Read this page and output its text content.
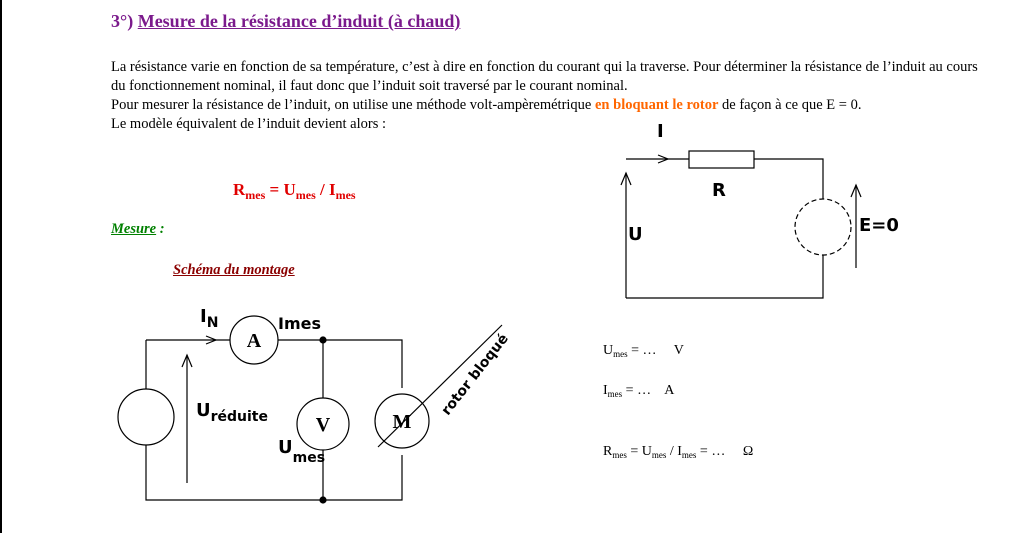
3°) Mesure de la résistance d’induit (à chaud)

La résistance varie en fonction de sa température, c’est à dire en fonction du courant qui la traverse. Pour déterminer la résistance de l’induit au cours du fonctionnement nominal, il faut donc que l’induit soit traversé par le courant nominal.

Pour mesurer la résistance de l’induit, on utilise une méthode volt-ampèremétrique en bloquant le rotor de façon à ce que E = 0.

Le modèle équivalent de l’induit devient alors :

$R_{mes} = U_{mes} / I_{mes}$
Mesure :
Schéma du montage
I
R
U	E=0
A
V	M
$I_N$	Imes
$U_{réduite}$
$U_{mes}$
rotor bloqué	$U_{mes}$ = …     V
$I_{mes}$ = …    A
$R_{mes} = U_{mes} / I_{mes}$ = …     Ω
